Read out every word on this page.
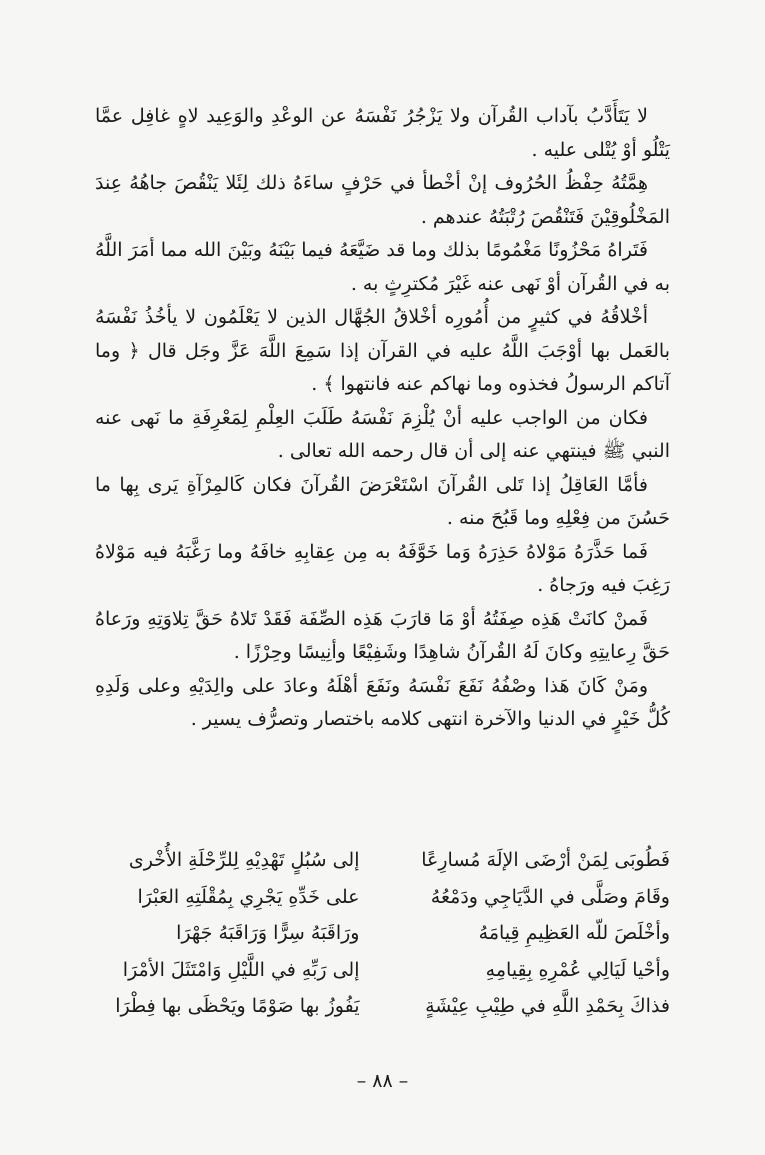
لا يَتَأَدَّبُ بآداب القُرآن ولا يَزْجُرُ نَفْسَهُ عن الوعْدِ والوَعِيد لاهٍ غافِل عمَّا يَتْلُو أوْ يُتْلى عليه .

هِمَّتُهُ حِفْظُ الحُرُوف إنْ أخْطأ في حَرْفٍ ساءَهُ ذلك لِئَلا يَنْقُصَ جاهُهُ عِندَ المَخْلُوقِيْنَ فَتَنْقُصَ رُتْبَتُهُ عندهم .

فَتَراهُ مَحْزُونًا مَغْمُومًا بذلك وما قد ضَيَّعَهُ فيما بَيْنَهُ وبَيْنَ الله مما أمَرَ اللَّهُ به في القُرآن أوْ نَهى عنه غَيْرَ مُكترِثٍ به .

أخْلاقُهُ في كثيرٍ من أُمُورِه أخْلاقُ الجُهَّال الذين لا يَعْلَمُون لا يأخُذُ نَفْسَهُ بالعَمل بها أوْجَبَ اللَّهُ عليه في القرآن إذا سَمِعَ اللَّهَ عَزَّ وجَل قال ﴿ وما آتاكم الرسولُ فخذوه وما نهاكم عنه فانتهوا ﴾ .

فكان من الواجب عليه أنْ يُلْزِمَ نَفْسَهُ طَلَبَ العِلْمِ لِمَعْرِفَةِ ما نَهى عنه النبي ﷺ فينتهي عنه إلى أن قال رحمه الله تعالى .

فأمَّا العَاقِلُ إذا تَلى القُرآنَ اسْتَعْرَضَ القُرآنَ فكان كَالمِرْآةِ يَرى بِها ما حَسُنَ من فِعْلِهِ وما قَبُحَ منه .

فَما حَذَّرَهُ مَوْلاهُ حَذِرَهُ وَما خَوَّفَهُ به مِن عِقابِهِ خافَهُ وما رَغَّبَهُ فيه مَوْلاهُ رَغِبَ فيه ورَجاهُ .

فَمنْ كانَتْ هَذِه صِفَتُهُ أوْ مَا قارَبَ هَذِه الصِّفَة فَقَدْ تَلاهُ حَقَّ تِلاوَتِهِ ورَعاهُ حَقَّ رِعايتِهِ وكانَ لَهُ القُرآنُ شاهِدًا وشَفِيْعًا وأنِيسًا وحِرْزًا .

ومَنْ كَانَ هَذا وصْفُهُ نَفَعَ نَفْسَهُ ونَفَعَ أهْلَهُ وعادَ على والِدَيْهِ وعلى وَلَدِهِ كُلُّ خَيْرٍ في الدنيا والآخرة انتهى كلامه باختصار وتصرُّف يسير .

فَطُوبَى لِمَنْ أرْضَى الإلَهَ مُسارِعًا
إلى سُبُلٍ تَهْدِيْهِ لِلرِّحْلَةِ الأُخْرى
وقَامَ وصَلَّى في الدَّيَاجِي ودَمْعُهُ
على خَدِّهِ يَجْرِي بِمُقْلَتِهِ العَبْرَا
وأخْلَصَ للّه العَظِيمِ قِيامَهُ
ورَاقَبَهُ سِرًّا وَرَاقَبَهُ جَهْرَا
وأحْيا لَيَالِي عُمْرِهِ بِقِيامِهِ
إلى رَبِّهِ في اللَّيْلِ وَامْتَثَلَ الأمْرَا
فذاكَ بِحَمْدِ اللَّهِ في طِيْبِ عِيْشَةٍ
يَفُوزُ بها صَوْمًا ويَحْظَى بها فِطْرَا
– ٨٨ –
